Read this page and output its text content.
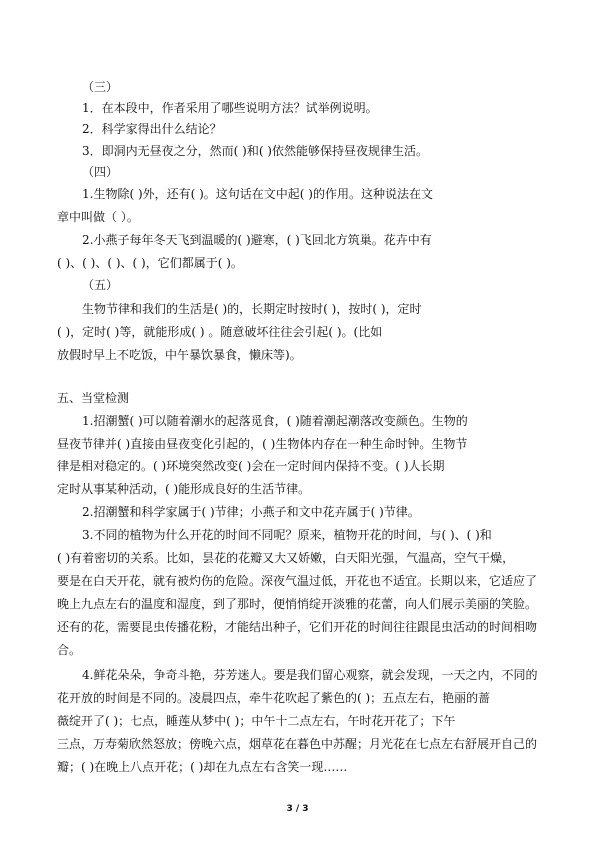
（三）
1．在本段中，作者采用了哪些说明方法？试举例说明。
2．科学家得出什么结论？
3．即洞内无昼夜之分，然而( )和( )依然能够保持昼夜规律生活。
（四）
1.生物除( )外，还有( )。这句话在文中起( )的作用。这种说法在文
章中叫做（ ）。
2.小燕子每年冬天飞到温暖的( )避寒，( )飞回北方筑巢。花卉中有
( )、( )、( )、( )，它们都属于( )。
（五）
生物节律和我们的生活是( )的，长期定时按时( )，按时( )，定时
( )，定时( )等，就能形成( ) 。随意破坏往往会引起( )。(比如
放假时早上不吃饭，中午暴饮暴食，懒床等)。
五、当堂检测
1.招潮蟹( )可以随着潮水的起落觅食，( )随着潮起潮落改变颜色。生物的
昼夜节律并( )直接由昼夜变化引起的，( )生物体内存在一种生命时钟。生物节
律是相对稳定的。( )环境突然改变( )会在一定时间内保持不变。( )人长期
定时从事某种活动，( )能形成良好的生活节律。
2.招潮蟹和科学家属于( )节律；小燕子和文中花卉属于( )节律。
3.不同的植物为什么开花的时间不同呢？原来，植物开花的时间，与( )、( )和
( )有着密切的关系。比如，昙花的花瓣又大又娇嫩，白天阳光强，气温高，空气干燥，
要是在白天开花，就有被灼伤的危险。深夜气温过低，开花也不适宜。长期以来，它适应了
晚上九点左右的温度和湿度，到了那时，便悄悄绽开淡雅的花蕾，向人们展示美丽的笑脸。
还有的花，需要昆虫传播花粉，才能结出种子，它们开花的时间往往跟昆虫活动的时间相吻
合。
4.鲜花朵朵，争奇斗艳，芬芳迷人。要是我们留心观察，就会发现，一天之内，不同的
花开放的时间是不同的。凌晨四点，牵牛花吹起了紫色的( )；五点左右，艳丽的蔷
薇绽开了( )；七点，睡莲从梦中( )；中午十二点左右，午时花开花了；下午
三点，万寿菊欣然怒放；傍晚六点，烟草花在暮色中苏醒；月光花在七点左右舒展开自己的
瓣；( )在晚上八点开花；( )却在九点左右含笑一现……
3 / 3
